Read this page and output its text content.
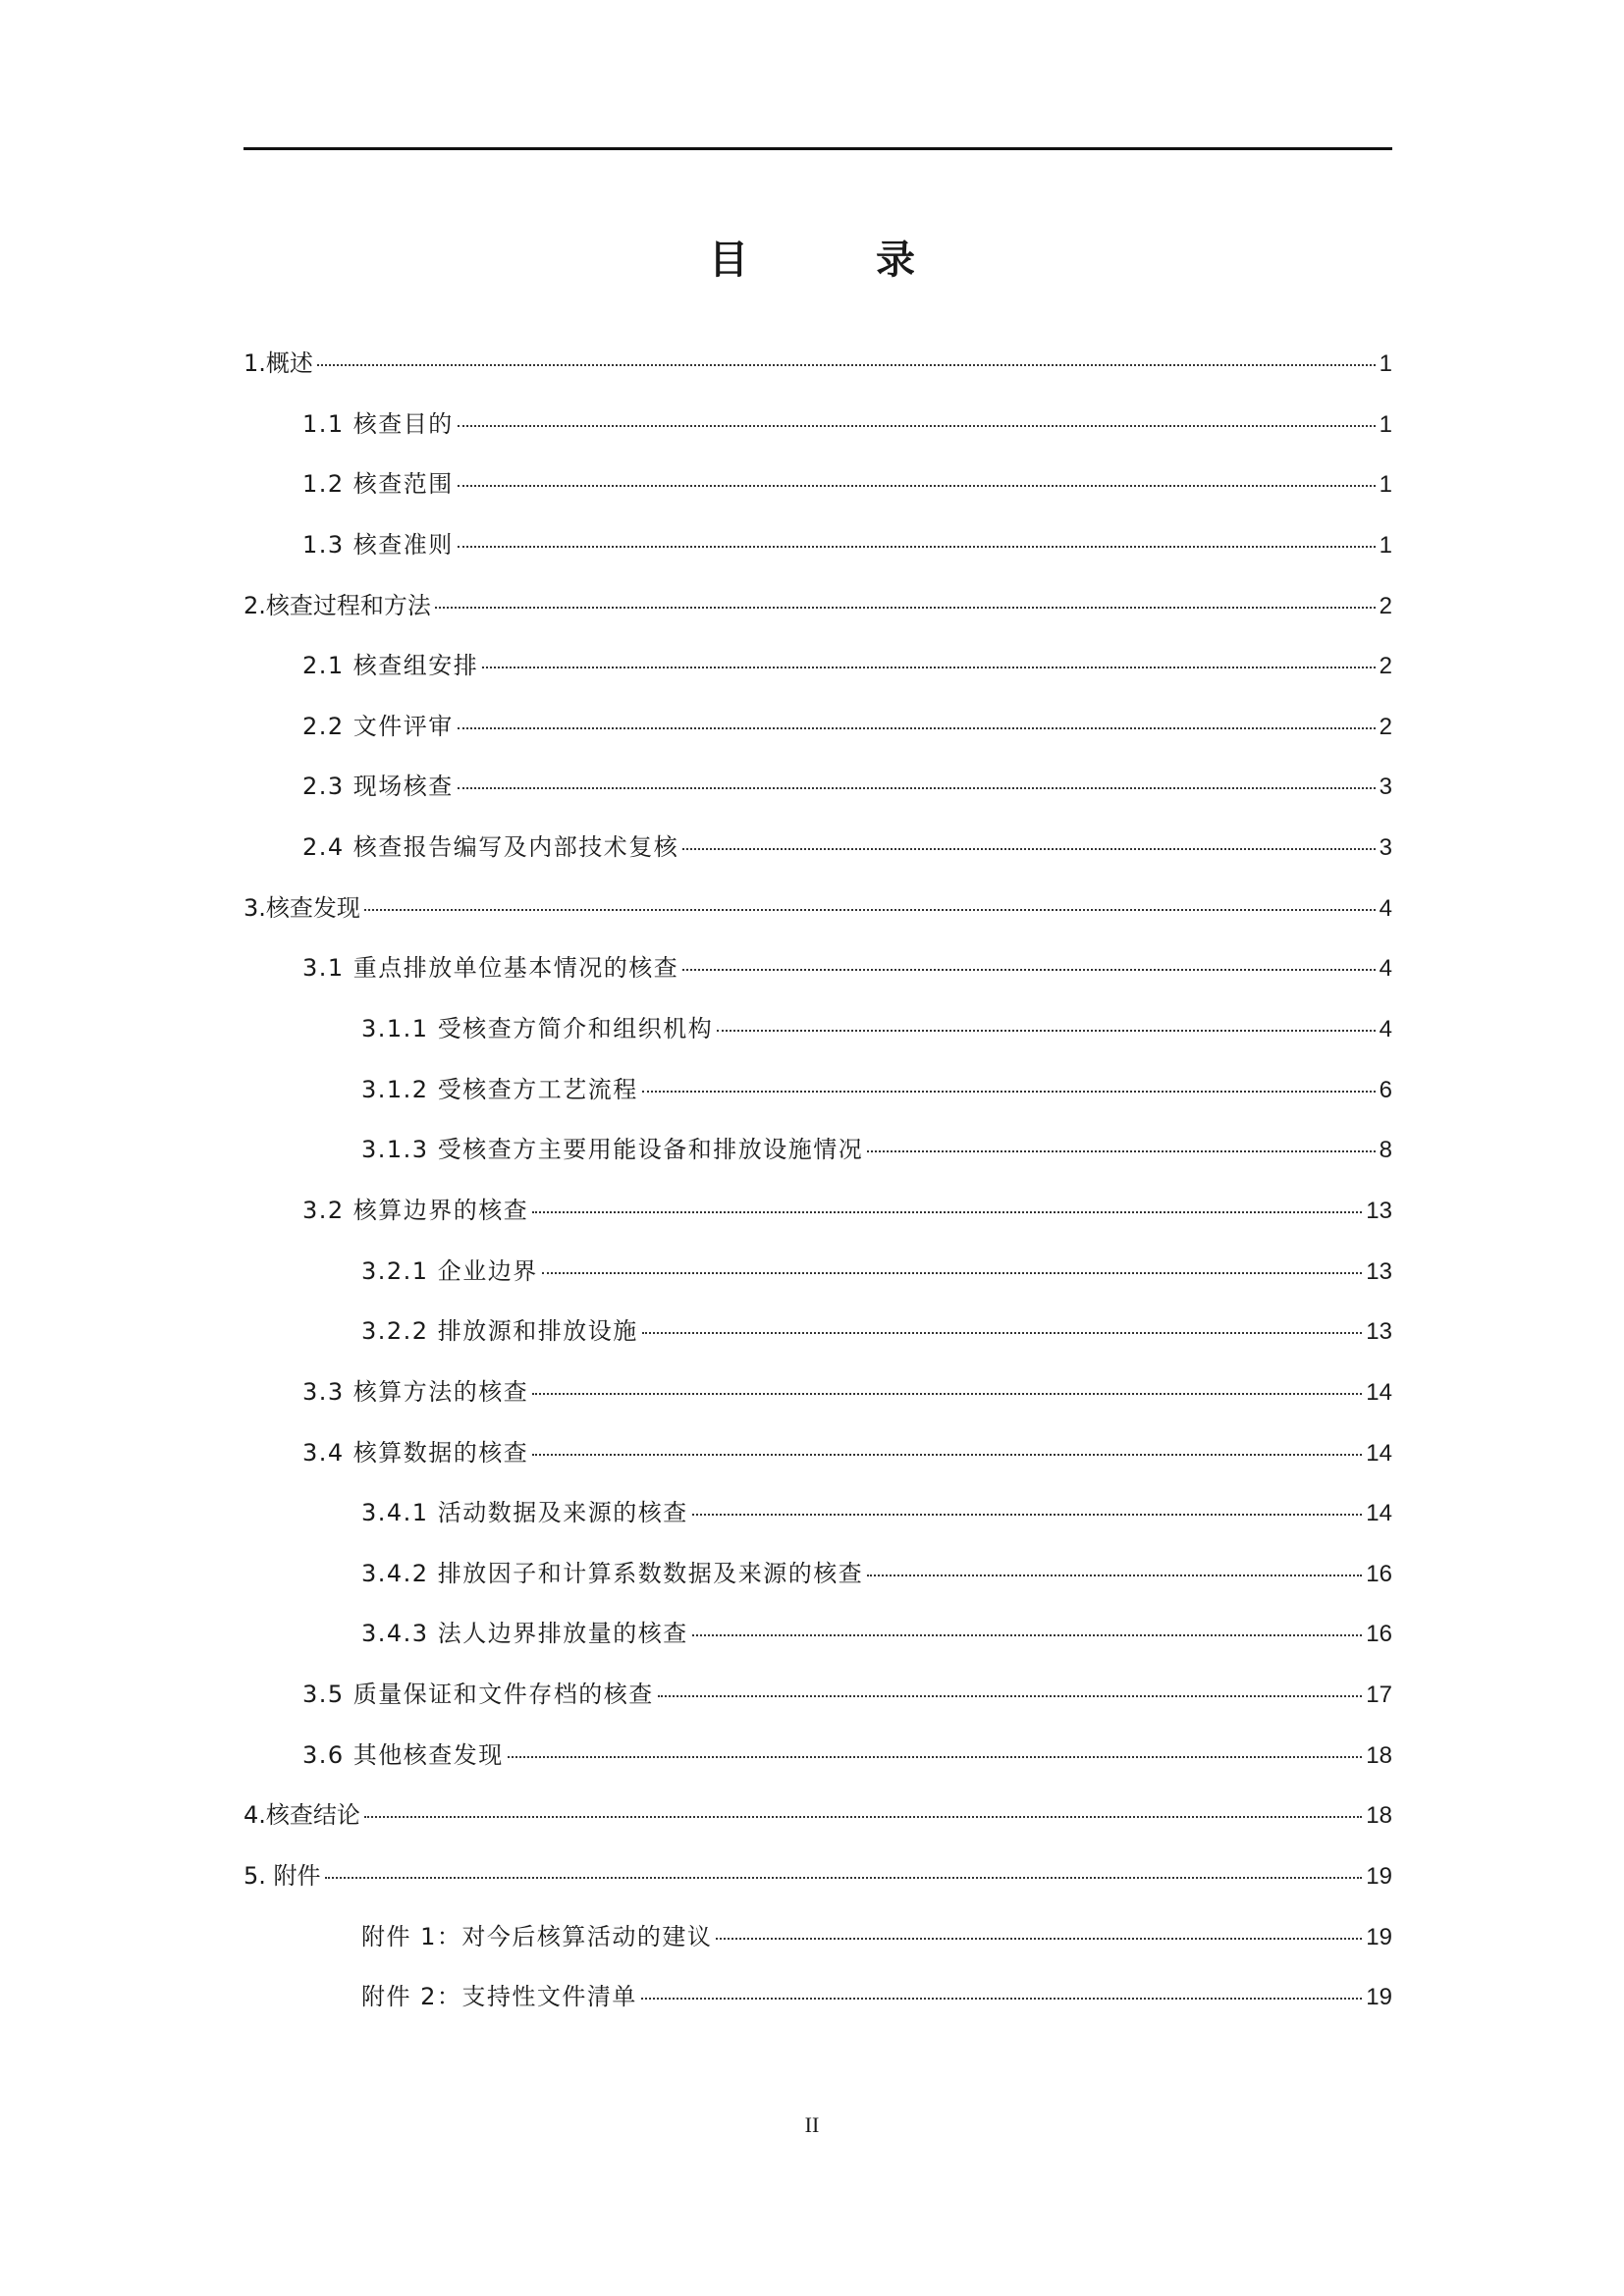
目 录
1.概述	1
1.1 核查目的	1
1.2 核查范围	1
1.3 核查准则	1
2.核查过程和方法	2
2.1 核查组安排	2
2.2 文件评审	2
2.3 现场核查	3
2.4 核查报告编写及内部技术复核	3
3.核查发现	4
3.1 重点排放单位基本情况的核查	4
3.1.1 受核查方简介和组织机构	4
3.1.2 受核查方工艺流程	6
3.1.3 受核查方主要用能设备和排放设施情况	8
3.2 核算边界的核查	13
3.2.1 企业边界	13
3.2.2 排放源和排放设施	13
3.3 核算方法的核查	14
3.4 核算数据的核查	14
3.4.1 活动数据及来源的核查	14
3.4.2 排放因子和计算系数数据及来源的核查	16
3.4.3 法人边界排放量的核查	16
3.5 质量保证和文件存档的核查	17
3.6 其他核查发现	18
4.核查结论	18
5. 附件	19
附件 1：对今后核算活动的建议	19
附件 2：支持性文件清单	19
II
